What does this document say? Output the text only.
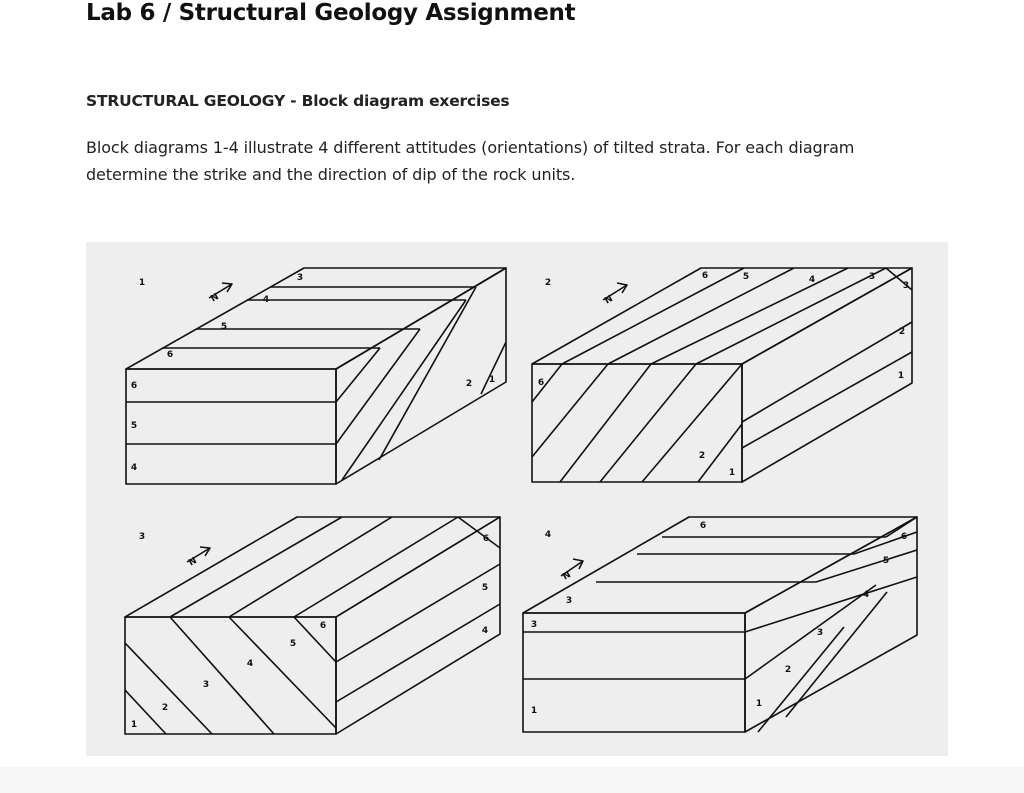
Lab 6 / Structural Geology Assignment
STRUCTURAL GEOLOGY - Block diagram exercises
Block diagrams 1-4 illustrate 4 different attitudes (orientations) of tilted strata. For each diagram determine the strike and the direction of dip of the rock units.
1
N
6
5
4
6
5
4
3
2 1
2
N
6	5	4	3
3
2
1
6
2
1
3
N
1
2
3
4
5
6
6
5
4
4
N
3
3
1
6
6
5
4
3
2
1
